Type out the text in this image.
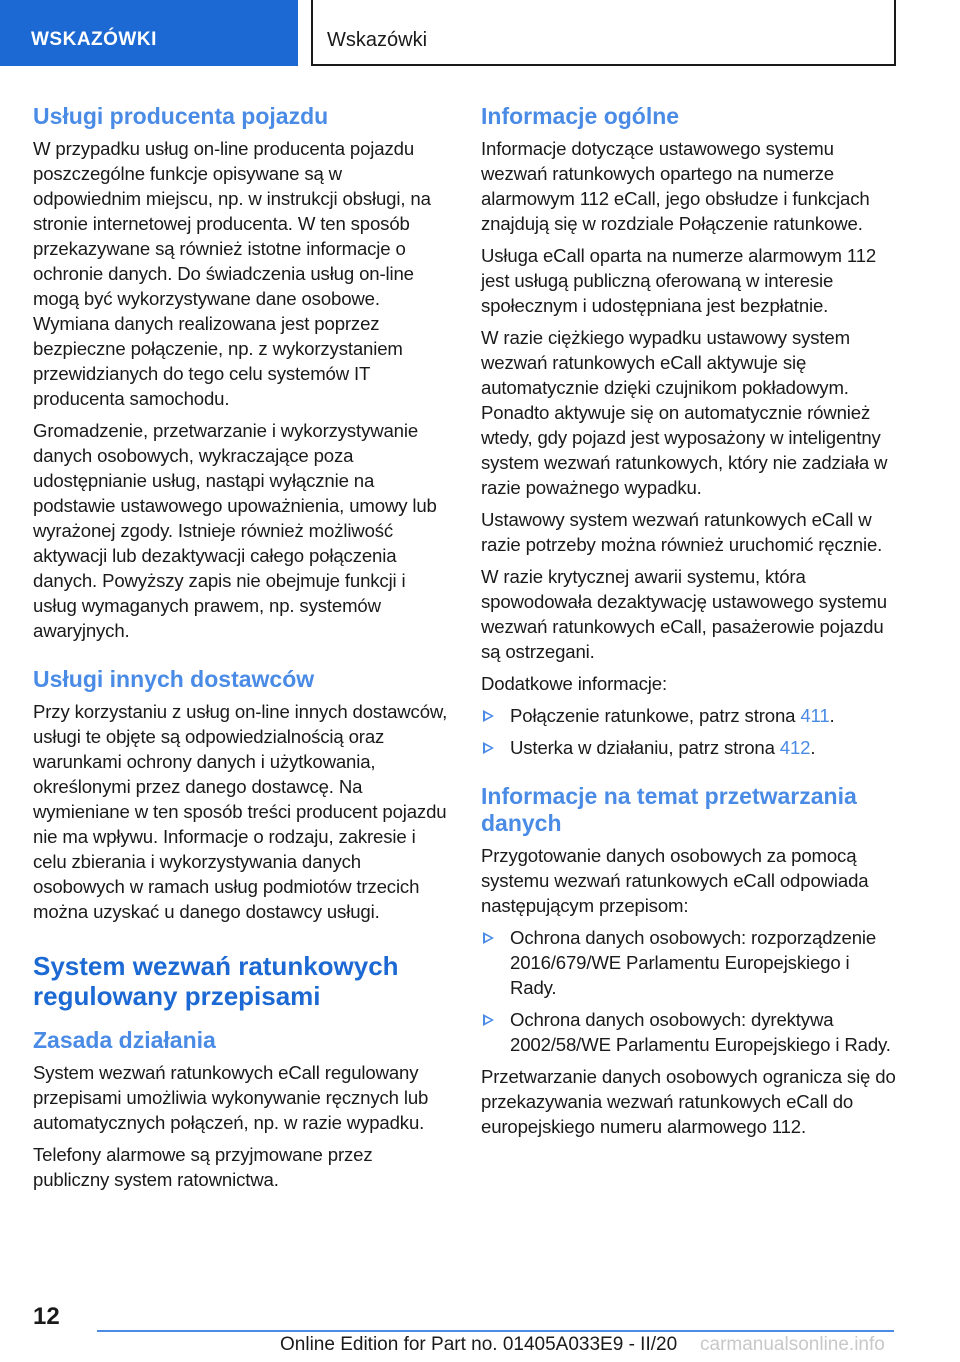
WSKAZÓWKI	Wskazówki
Usługi producenta pojazdu

W przypadku usług on-line producenta pojazdu poszczególne funkcje opisywane są w odpowiednim miejscu, np. w instrukcji obsługi, na stronie internetowej producenta. W ten sposób przekazywane są również istotne informacje o ochronie danych. Do świadczenia usług on-line mogą być wykorzystywane dane osobowe. Wymiana danych realizowana jest poprzez bezpieczne połączenie, np. z wykorzystaniem przewidzianych do tego celu systemów IT producenta samochodu.

Gromadzenie, przetwarzanie i wykorzystywanie danych osobowych, wykraczające poza udostępnianie usług, nastąpi wyłącznie na podstawie ustawowego upoważnienia, umowy lub wyrażonej zgody. Istnieje również możliwość aktywacji lub dezaktywacji całego połączenia danych. Powyższy zapis nie obejmuje funkcji i usług wymaganych prawem, np. systemów awaryjnych.

Usługi innych dostawców

Przy korzystaniu z usług on-line innych dostawców, usługi te objęte są odpowiedzialnością oraz warunkami ochrony danych i użytkowania, określonymi przez danego dostawcę. Na wymieniane w ten sposób treści producent pojazdu nie ma wpływu. Informacje o rodzaju, zakresie i celu zbierania i wykorzystywania danych osobowych w ramach usług podmiotów trzecich można uzyskać u danego dostawcy usługi.

System wezwań ratunkowych regulowany przepisami
Zasada działania

System wezwań ratunkowych eCall regulowany przepisami umożliwia wykonywanie ręcznych lub automatycznych połączeń, np. w razie wypadku.

Telefony alarmowe są przyjmowane przez publiczny system ratownictwa.

Informacje ogólne

Informacje dotyczące ustawowego systemu wezwań ratunkowych opartego na numerze alarmowym 112 eCall, jego obsłudze i funkcjach znajdują się w rozdziale Połączenie ratunkowe.

Usługa eCall oparta na numerze alarmowym 112 jest usługą publiczną oferowaną w interesie społecznym i udostępniana jest bezpłatnie.

W razie ciężkiego wypadku ustawowy system wezwań ratunkowych eCall aktywuje się automatycznie dzięki czujnikom pokładowym. Ponadto aktywuje się on automatycznie również wtedy, gdy pojazd jest wyposażony w inteligentny system wezwań ratunkowych, który nie zadziała w razie poważnego wypadku.

Ustawowy system wezwań ratunkowych eCall w razie potrzeby można również uruchomić ręcznie.

W razie krytycznej awarii systemu, która spowodowała dezaktywację ustawowego systemu wezwań ratunkowych eCall, pasażerowie pojazdu są ostrzegani.

Dodatkowe informacje:

Połączenie ratunkowe, patrz strona 411.
Usterka w działaniu, patrz strona 412.
Informacje na temat przetwarzania danych

Przygotowanie danych osobowych za pomocą systemu wezwań ratunkowych eCall odpowiada następującym przepisom:

Ochrona danych osobowych: rozporządzenie 2016/679/WE Parlamentu Europejskiego i Rady.
Ochrona danych osobowych: dyrektywa 2002/58/WE Parlamentu Europejskiego i Rady.

Przetwarzanie danych osobowych ogranicza się do przekazywania wezwań ratunkowych eCall do europejskiego numeru alarmowego 112.

12
Online Edition for Part no. 01405A033E9 - II/20 carmanualsonline.info
